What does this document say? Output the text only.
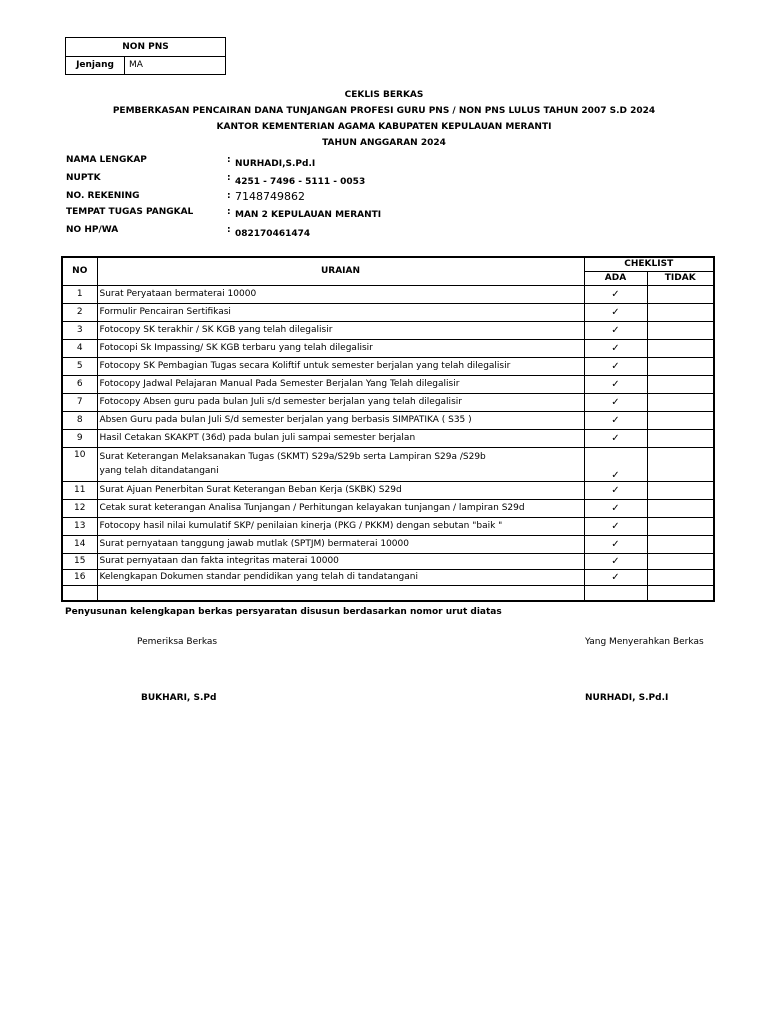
NON PNS
Jenjang	MA
CEKLIS BERKAS
PEMBERKASAN PENCAIRAN DANA TUNJANGAN PROFESI GURU PNS / NON PNS LULUS TAHUN 2007 S.D 2024
KANTOR KEMENTERIAN AGAMA KABUPATEN KEPULAUAN MERANTI
TAHUN ANGGARAN 2024
NAMA LENGKAP	: NURHADI,S.Pd.I
NUPTK	: 4251 - 7496 - 5111 - 0053
NO. REKENING	: 7148749862
TEMPAT TUGAS PANGKAL	: MAN 2 KEPULAUAN MERANTI
NO HP/WA	: 082170461474
NO	URAIAN	CHEKLIST	
		ADA	TIDAK
1	Surat Peryataan bermaterai 10000	✓	
2	Formulir Pencairan Sertifikasi	✓	
3	Fotocopy SK terakhir / SK KGB yang telah dilegalisir	✓	
4	Fotocopi Sk Impassing/ SK KGB terbaru yang telah dilegalisir	✓	
5	Fotocopy SK Pembagian Tugas secara Koliftif untuk semester berjalan yang telah dilegalisir	✓	
6	Fotocopy Jadwal Pelajaran Manual Pada Semester Berjalan Yang Telah dilegalisir	✓	
7	Fotocopy Absen guru pada bulan Juli s/d semester berjalan yang telah dilegalisir	✓	
8	Absen Guru pada bulan Juli S/d semester berjalan yang berbasis SIMPATIKA ( S35 )	✓	
9	Hasil Cetakan SKAKPT (36d) pada bulan juli sampai semester berjalan	✓	
10	Surat Keterangan Melaksanakan Tugas (SKMT) S29a/S29b serta Lampiran S29a /S29b
yang telah ditandatangani	✓	
11	Surat Ajuan Penerbitan Surat Keterangan Beban Kerja (SKBK) S29d	✓	
12	Cetak surat keterangan Analisa Tunjangan / Perhitungan kelayakan tunjangan / lampiran S29d	✓	
13	Fotocopy hasil nilai kumulatif SKP/ penilaian kinerja (PKG / PKKM) dengan sebutan "baik "	✓	
14	Surat pernyataan tanggung jawab mutlak (SPTJM) bermaterai 10000	✓	
15	Surat pernyataan dan fakta integritas materai 10000	✓	
16	Kelengkapan Dokumen standar pendidikan yang telah di tandatangani	✓	

Penyusunan kelengkapan berkas persyaratan disusun berdasarkan nomor urut diatas
Pemeriksa Berkas	Yang Menyerahkan Berkas
BUKHARI, S.Pd	NURHADI, S.Pd.I
